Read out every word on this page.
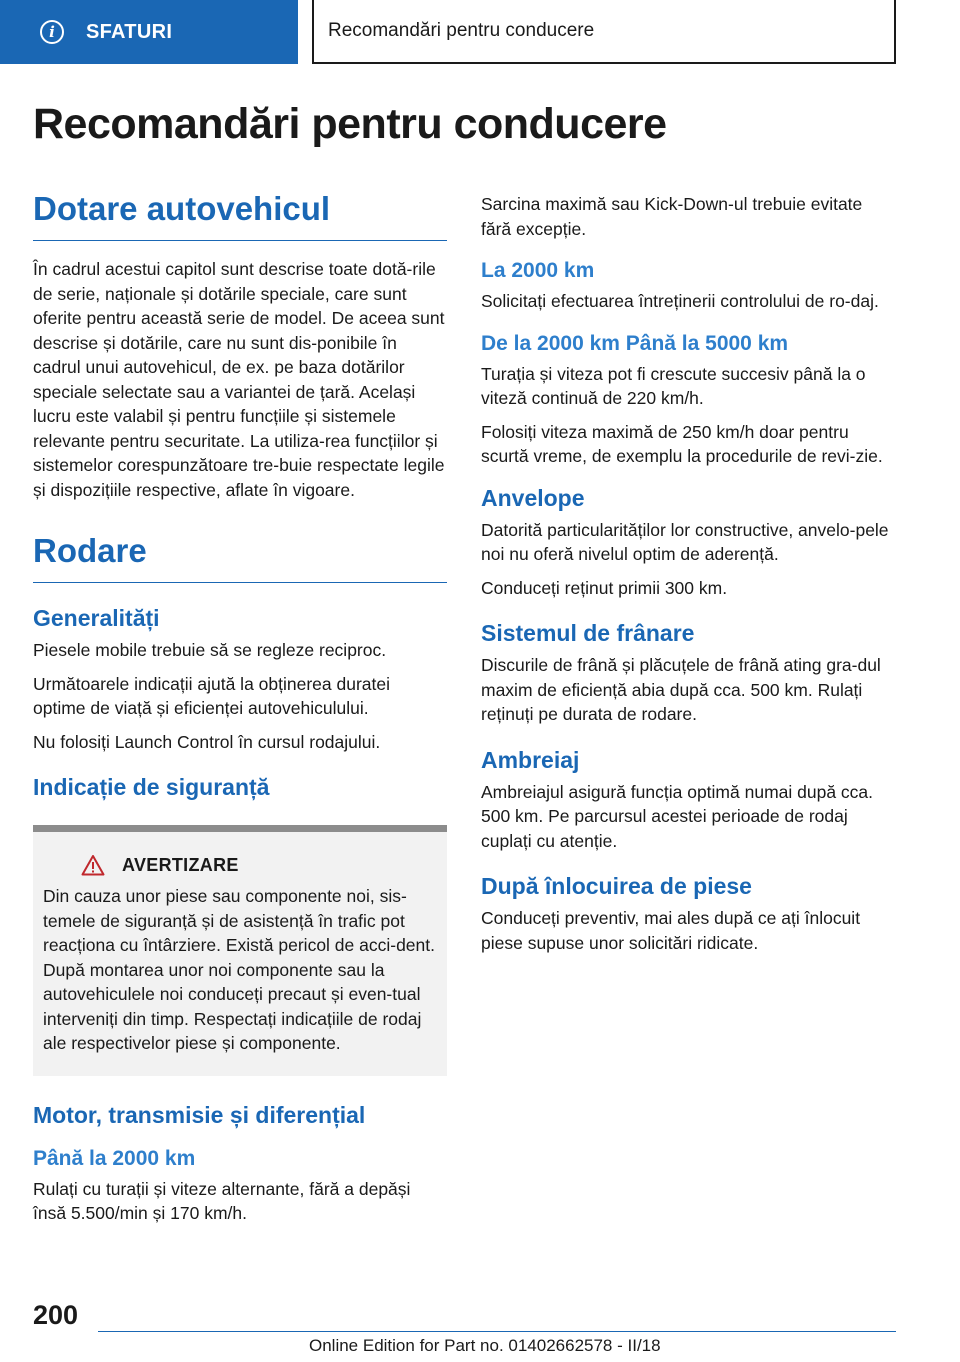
i	SFATURI	Recomandări pentru conducere
Recomandări pentru conducere
Dotare autovehicul

În cadrul acestui capitol sunt descrise toate dotă-rile de serie, naționale și dotările speciale, care sunt oferite pentru această serie de model. De aceea sunt descrise și dotările, care nu sunt dis-ponibile în cadrul unui autovehicul, de ex. pe baza dotărilor speciale selectate sau a variantei de țară. Același lucru este valabil și pentru funcțiile și sistemele relevante pentru securitate. La utiliza-rea funcțiilor și sistemelor corespunzătoare tre-buie respectate legile și dispozițiile respective, aflate în vigoare.

Rodare
Generalități

Piesele mobile trebuie să se regleze reciproc.

Următoarele indicații ajută la obținerea duratei optime de viață și eficienței autovehiculului.

Nu folosiți Launch Control în cursul rodajului.

Indicație de siguranță
AVERTIZARE

Din cauza unor piese sau componente noi, sis-temele de siguranță și de asistență în trafic pot reacționa cu întârziere. Există pericol de acci-dent. După montarea unor noi componente sau la autovehiculele noi conduceți precaut și even-tual interveniți din timp. Respectați indicațiile de rodaj ale respectivelor piese și componente.

Motor, transmisie și diferențial
Până la 2000 km

Rulați cu turații și viteze alternante, fără a depăși însă 5.500/min și 170 km/h.

Sarcina maximă sau Kick-Down-ul trebuie evitate fără excepție.

La 2000 km

Solicitați efectuarea întreținerii controlului de ro-daj.

De la 2000 km Până la 5000 km

Turația și viteza pot fi crescute succesiv până la o viteză continuă de 220 km/h.

Folosiți viteza maximă de 250 km/h doar pentru scurtă vreme, de exemplu la procedurile de revi-zie.

Anvelope

Datorită particularităților lor constructive, anvelo-pele noi nu oferă nivelul optim de aderență.

Conduceți reținut primii 300 km.

Sistemul de frânare

Discurile de frână și plăcuțele de frână ating gra-dul maxim de eficiență abia după cca. 500 km. Rulați reținuți pe durata de rodare.

Ambreiaj

Ambreiajul asigură funcția optimă numai după cca. 500 km. Pe parcursul acestei perioade de rodaj cuplați cu atenție.

După înlocuirea de piese

Conduceți preventiv, mai ales după ce ați înlocuit piese supuse unor solicitări ridicate.

200
Online Edition for Part no. 01402662578 - II/18
